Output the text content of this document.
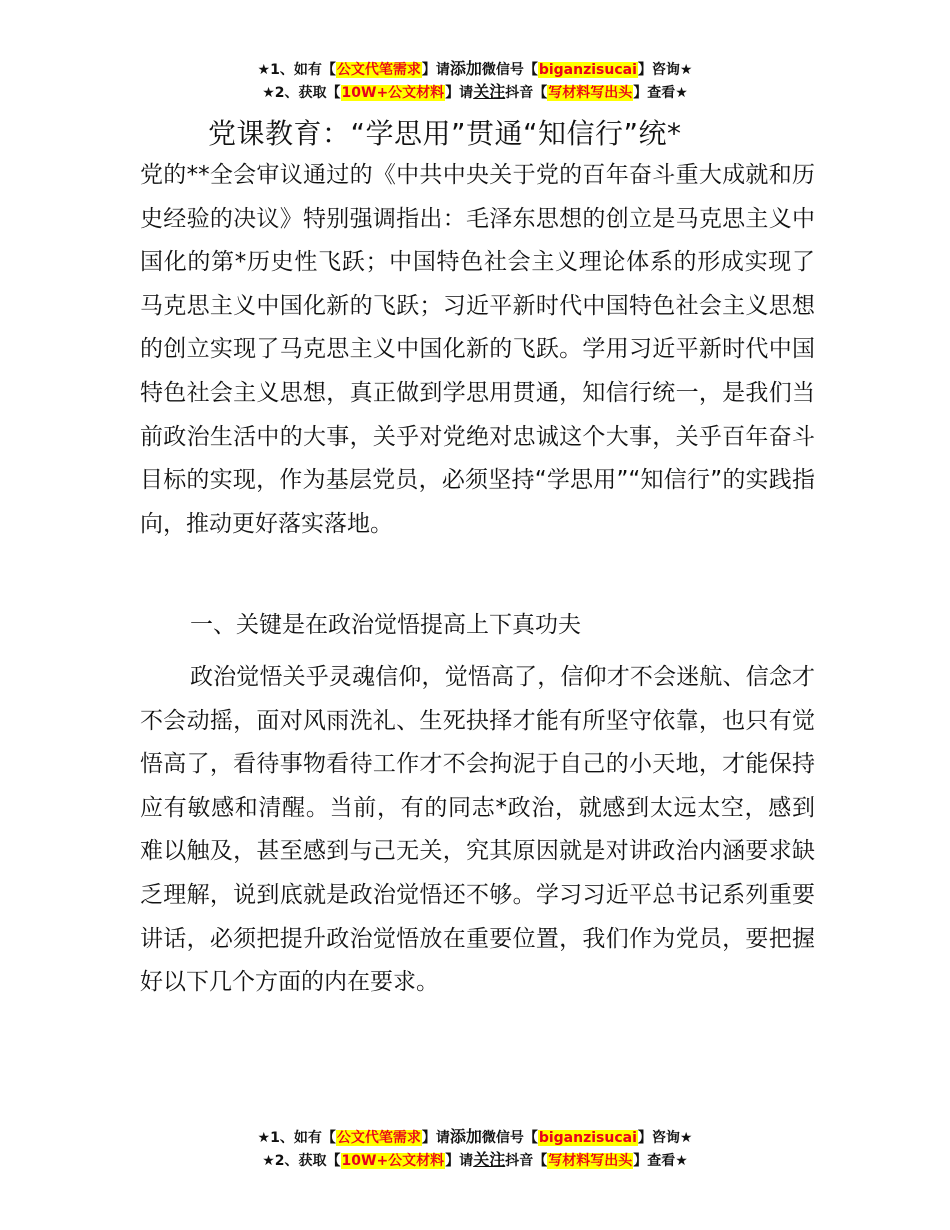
★1、如有【公文代笔需求】请添加微信号【biganzisucai】咨询★
★2、获取【10W+公文材料】请关注抖音【写材料写出头】查看★
党课教育：“学思用”贯通“知信行”统*

党的**全会审议通过的《中共中央关于党的百年奋斗重大成就和历史经验的决议》特别强调指出：毛泽东思想的创立是马克思主义中国化的第*历史性飞跃；中国特色社会主义理论体系的形成实现了马克思主义中国化新的飞跃；习近平新时代中国特色社会主义思想的创立实现了马克思主义中国化新的飞跃。学用习近平新时代中国特色社会主义思想，真正做到学思用贯通，知信行统一，是我们当前政治生活中的大事，关乎对党绝对忠诚这个大事，关乎百年奋斗目标的实现，作为基层党员，必须坚持“学思用”“知信行”的实践指向，推动更好落实落地。

一、关键是在政治觉悟提高上下真功夫

政治觉悟关乎灵魂信仰，觉悟高了，信仰才不会迷航、信念才不会动摇，面对风雨洗礼、生死抉择才能有所坚守依靠，也只有觉悟高了，看待事物看待工作才不会拘泥于自己的小天地，才能保持应有敏感和清醒。当前，有的同志*政治，就感到太远太空，感到难以触及，甚至感到与己无关，究其原因就是对讲政治内涵要求缺乏理解，说到底就是政治觉悟还不够。学习习近平总书记系列重要讲话，必须把提升政治觉悟放在重要位置，我们作为党员，要把握好以下几个方面的内在要求。

★1、如有【公文代笔需求】请添加微信号【biganzisucai】咨询★
★2、获取【10W+公文材料】请关注抖音【写材料写出头】查看★
